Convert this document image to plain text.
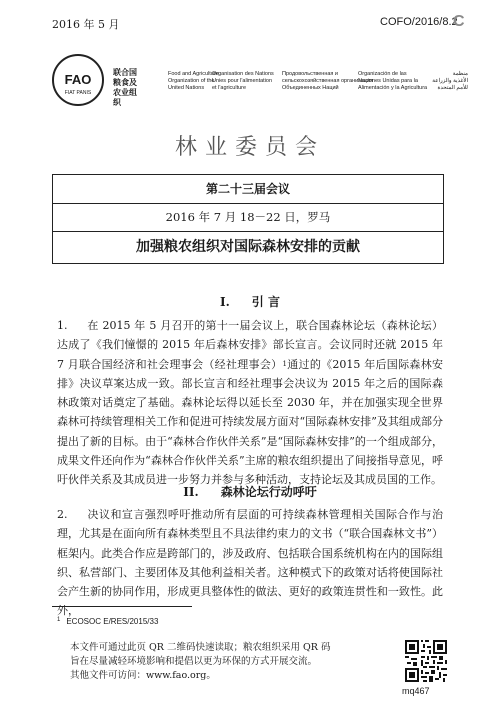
2016 年 5 月	COFO/2016/8.2
C
FAO
FIAT PANIS
联合国
粮食及
农业组织
Food and Agriculture
Organization of the
United Nations
Organisation des Nations
Unies pour l'alimentation
et l'agriculture
Продовольственная и
сельскохозяйственная организация
Объединенных Наций
Organización de las
Naciones Unidas para la
Alimentación y la Agricultura
منظمة
الأغذية والزراعة
للأمم المتحدة
林业委员会
第二十三届会议
2016 年 7 月 18－22 日，罗马
加强粮农组织对国际森林安排的贡献
I. 引 言
1. 在 2015 年 5 月召开的第十一届会议上，联合国森林论坛（森林论坛）达成了《我们憧憬的 2015 年后森林安排》部长宣言。会议同时还就 2015 年 7 月联合国经济和社会理事会（经社理事会）$^1$通过的《2015 年后国际森林安排》决议草案达成一致。部长宣言和经社理事会决议为 2015 年之后的国际森林政策对话奠定了基础。森林论坛得以延长至 2030 年，并在加强实现全世界森林可持续管理相关工作和促进可持续发展方面对“国际森林安排”及其组成部分提出了新的目标。由于“森林合作伙伴关系”是“国际森林安排”的一个组成部分，成果文件还向作为“森林合作伙伴关系”主席的粮农组织提出了间接指导意见，呼吁伙伴关系及其成员进一步努力并参与多种活动，支持论坛及其成员国的工作。
II. 森林论坛行动呼吁
2. 决议和宣言强烈呼吁推动所有层面的可持续森林管理相关国际合作与治理，尤其是在面向所有森林类型且不具法律约束力的文书（“联合国森林文书”）框架内。此类合作应是跨部门的，涉及政府、包括联合国系统机构在内的国际组织、私营部门、主要团体及其他利益相关者。这种模式下的政策对话将使国际社会产生新的协同作用，形成更具整体性的做法、更好的政策连贯性和一致性。此外，
$^1$ ECOSOC E/RES/2015/33
本文件可通过此页 QR 二维码快速读取；粮农组织采用 QR 码
旨在尽量减轻环境影响和提倡以更为环保的方式开展交流。
其他文件可访问：www.fao.org。
mq467
